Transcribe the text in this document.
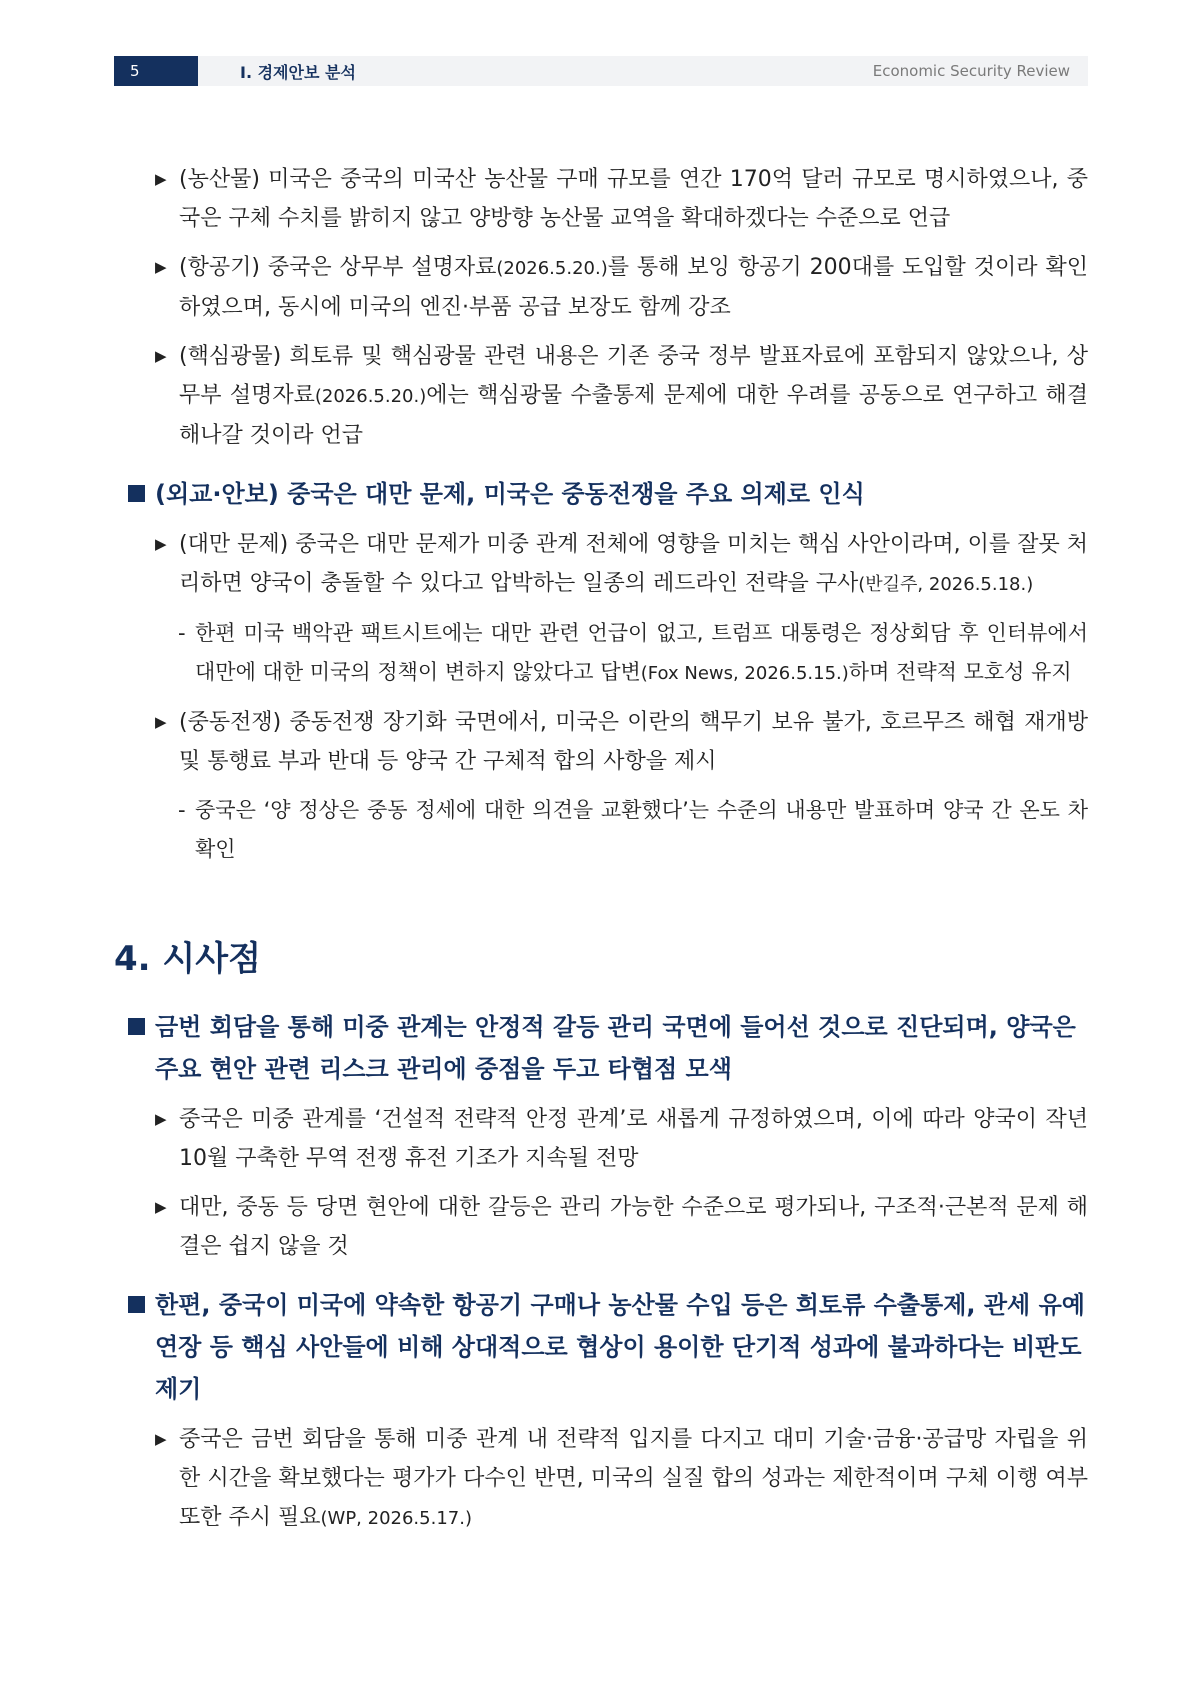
5	Ⅰ. 경제안보 분석	Economic Security Review
▶ (농산물) 미국은 중국의 미국산 농산물 구매 규모를 연간 170억 달러 규모로 명시하였으나, 중국은 구체 수치를 밝히지 않고 양방향 농산물 교역을 확대하겠다는 수준으로 언급
▶ (항공기) 중국은 상무부 설명자료(2026.5.20.)를 통해 보잉 항공기 200대를 도입할 것이라 확인하였으며, 동시에 미국의 엔진·부품 공급 보장도 함께 강조
▶ (핵심광물) 희토류 및 핵심광물 관련 내용은 기존 중국 정부 발표자료에 포함되지 않았으나, 상무부 설명자료(2026.5.20.)에는 핵심광물 수출통제 문제에 대한 우려를 공동으로 연구하고 해결해나갈 것이라 언급
(외교·안보) 중국은 대만 문제, 미국은 중동전쟁을 주요 의제로 인식
▶ (대만 문제) 중국은 대만 문제가 미중 관계 전체에 영향을 미치는 핵심 사안이라며, 이를 잘못 처리하면 양국이 충돌할 수 있다고 압박하는 일종의 레드라인 전략을 구사(반길주, 2026.5.18.)
- 한편 미국 백악관 팩트시트에는 대만 관련 언급이 없고, 트럼프 대통령은 정상회담 후 인터뷰에서 대만에 대한 미국의 정책이 변하지 않았다고 답변(Fox News, 2026.5.15.)하며 전략적 모호성 유지
▶ (중동전쟁) 중동전쟁 장기화 국면에서, 미국은 이란의 핵무기 보유 불가, 호르무즈 해협 재개방 및 통행료 부과 반대 등 양국 간 구체적 합의 사항을 제시
- 중국은 ‘양 정상은 중동 정세에 대한 의견을 교환했다’는 수준의 내용만 발표하며 양국 간 온도 차 확인
4. 시사점
금번 회담을 통해 미중 관계는 안정적 갈등 관리 국면에 들어선 것으로 진단되며, 양국은 주요 현안 관련 리스크 관리에 중점을 두고 타협점 모색
▶ 중국은 미중 관계를 ‘건설적 전략적 안정 관계’로 새롭게 규정하였으며, 이에 따라 양국이 작년 10월 구축한 무역 전쟁 휴전 기조가 지속될 전망
▶ 대만, 중동 등 당면 현안에 대한 갈등은 관리 가능한 수준으로 평가되나, 구조적·근본적 문제 해결은 쉽지 않을 것
한편, 중국이 미국에 약속한 항공기 구매나 농산물 수입 등은 희토류 수출통제, 관세 유예 연장 등 핵심 사안들에 비해 상대적으로 협상이 용이한 단기적 성과에 불과하다는 비판도 제기
▶ 중국은 금번 회담을 통해 미중 관계 내 전략적 입지를 다지고 대미 기술·금융·공급망 자립을 위한 시간을 확보했다는 평가가 다수인 반면, 미국의 실질 합의 성과는 제한적이며 구체 이행 여부 또한 주시 필요(WP, 2026.5.17.)
